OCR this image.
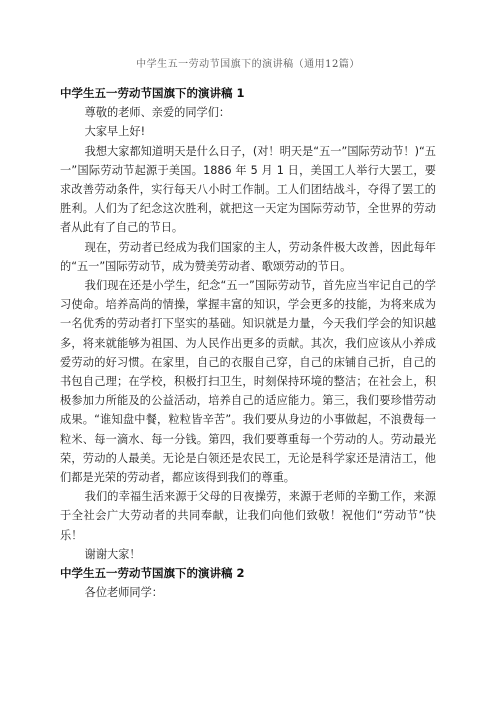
中学生五一劳动节国旗下的演讲稿（通用12篇）

中学生五一劳动节国旗下的演讲稿 1

尊敬的老师、亲爱的同学们：

大家早上好!

我想大家都知道明天是什么日子，(对！明天是“五一”国际劳动节！)“五一”国际劳动节起源于美国。1886 年 5 月 1 日，美国工人举行大罢工，要求改善劳动条件，实行每天八小时工作制。工人们团结战斗，夺得了罢工的胜利。人们为了纪念这次胜利，就把这一天定为国际劳动节，全世界的劳动者从此有了自己的节日。

现在，劳动者已经成为我们国家的主人，劳动条件极大改善，因此每年的“五一”国际劳动节，成为赞美劳动者、歌颂劳动的节日。

我们现在还是小学生，纪念“五一”国际劳动节，首先应当牢记自己的学习使命。培养高尚的情操，掌握丰富的知识，学会更多的技能，为将来成为一名优秀的劳动者打下坚实的基础。知识就是力量，今天我们学会的知识越多，将来就能够为祖国、为人民作出更多的贡献。其次，我们应该从小养成爱劳动的好习惯。在家里，自己的衣服自己穿，自己的床铺自己折，自己的书包自己理；在学校，积极打扫卫生，时刻保持环境的整洁；在社会上，积极参加力所能及的公益活动，培养自己的适应能力。第三，我们要珍惜劳动成果。“谁知盘中餐，粒粒皆辛苦”。我们要从身边的小事做起，不浪费每一粒米、每一滴水、每一分钱。第四，我们要尊重每一个劳动的人。劳动最光荣，劳动的人最美。无论是白领还是农民工，无论是科学家还是清洁工，他们都是光荣的劳动者，都应该得到我们的尊重。

我们的幸福生活来源于父母的日夜操劳，来源于老师的辛勤工作，来源于全社会广大劳动者的共同奉献，让我们向他们致敬！祝他们“劳动节”快乐！

谢谢大家！

中学生五一劳动节国旗下的演讲稿 2

各位老师同学：
